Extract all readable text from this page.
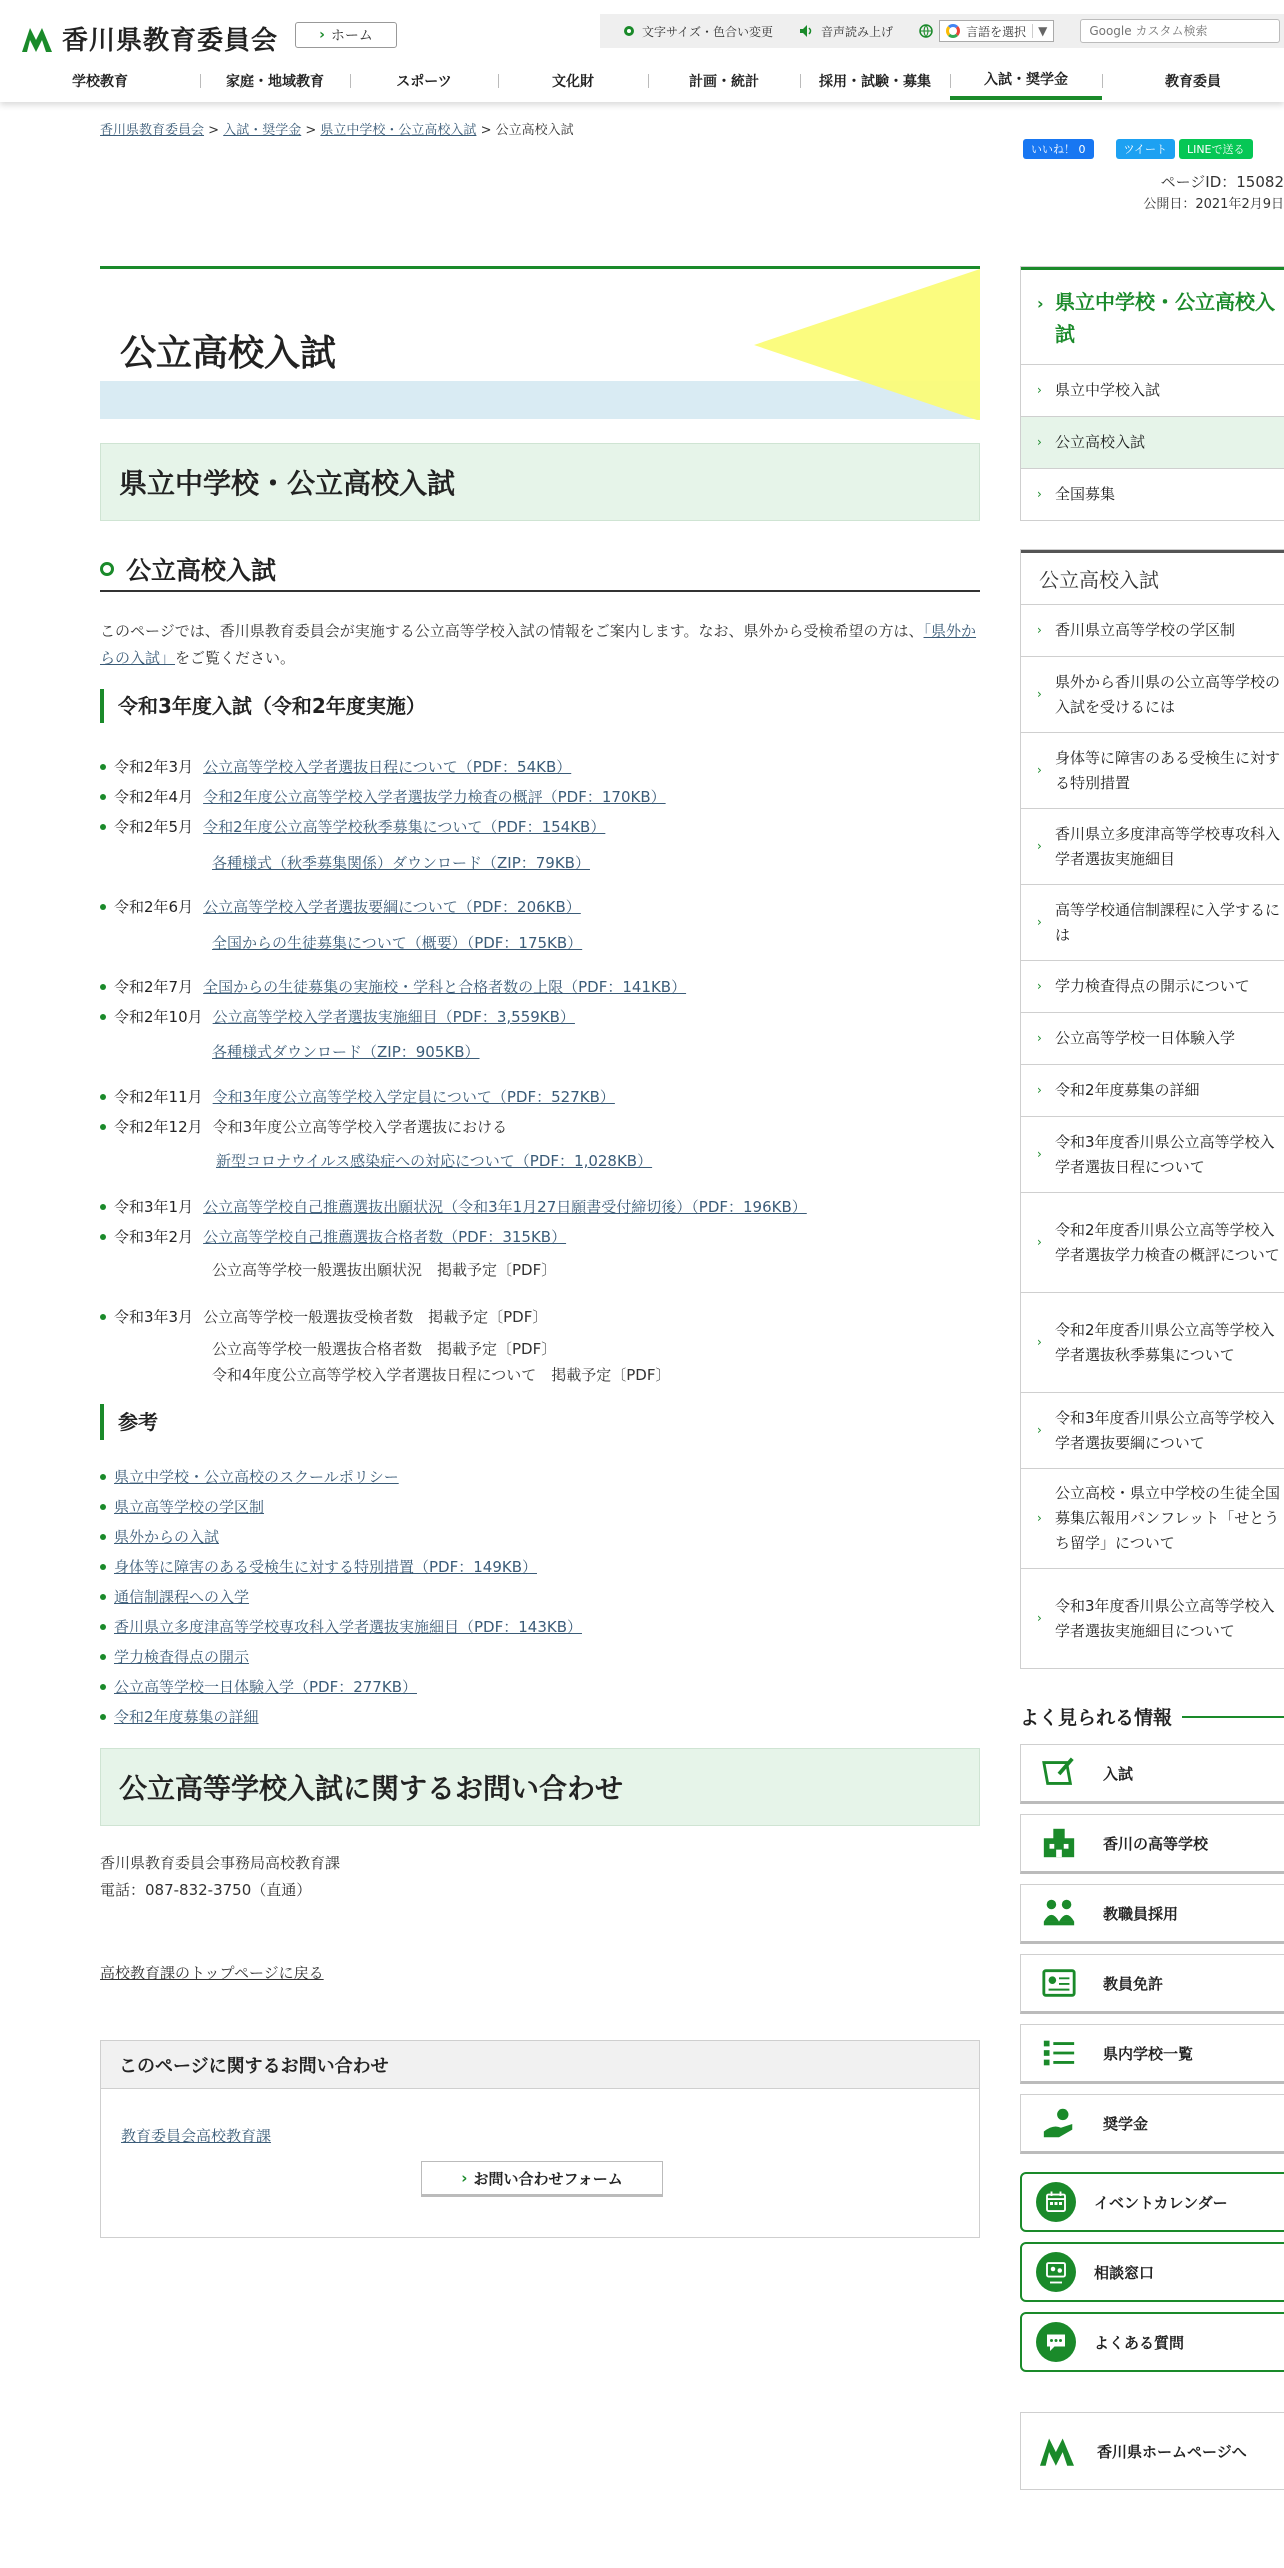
香川県教育委員会	› ホーム	文字サイズ・色合い変更	音声読み上げ	言語を選択	▼
Google カスタム検索
学校教育	家庭・地域教育	スポーツ	文化財	計画・統計	採用・試験・募集	入試・奨学金	教育委員
香川県教育委員会 > 入試・奨学金 > 県立中学校・公立高校入試 > 公立高校入試
いいね！ 0	ツイート LINEで送る
ページID：15082
公開日：2021年2月9日
公立高校入試
県立中学校・公立高校入試
公立高校入試
このページでは、香川県教育委員会が実施する公立高等学校入試の情報をご案内します。なお、県外から受検希望の方は、「県外からの入試」をご覧ください。
令和3年度入試（令和2年度実施）
令和2年3月 公立高等学校入学者選抜日程について（PDF：54KB）
令和2年4月 令和2年度公立高等学校入学者選抜学力検査の概評（PDF：170KB）
令和2年5月 令和2年度公立高等学校秋季募集について（PDF：154KB）
令和2年6月 公立高等学校入学者選抜要綱について（PDF：206KB）
令和2年7月 全国からの生徒募集の実施校・学科と合格者数の上限（PDF：141KB）
令和2年10月 公立高等学校入学者選抜実施細目（PDF：3,559KB）
令和2年11月 令和3年度公立高等学校入学定員について（PDF：527KB）
令和2年12月 令和3年度公立高等学校入学者選抜における
令和3年1月 公立高等学校自己推薦選抜出願状況（令和3年1月27日願書受付締切後）（PDF：196KB）
令和3年2月 公立高等学校自己推薦選抜合格者数（PDF：315KB）
令和3年3月 公立高等学校一般選抜受検者数　掲載予定〔PDF〕
各種様式（秋季募集関係）ダウンロード（ZIP：79KB）
全国からの生徒募集について（概要）（PDF：175KB）
各種様式ダウンロード（ZIP：905KB）
新型コロナウイルス感染症への対応について（PDF：1,028KB）
公立高等学校一般選抜出願状況　掲載予定〔PDF〕
公立高等学校一般選抜合格者数　掲載予定〔PDF〕
令和4年度公立高等学校入学者選抜日程について　掲載予定〔PDF〕
参考
県立中学校・公立高校のスクールポリシー
県立高等学校の学区制
県外からの入試
身体等に障害のある受検生に対する特別措置（PDF：149KB）
通信制課程への入学
香川県立多度津高等学校専攻科入学者選抜実施細目（PDF：143KB）
学力検査得点の開示
公立高等学校一日体験入学（PDF：277KB）
令和2年度募集の詳細
公立高等学校入試に関するお問い合わせ
香川県教育委員会事務局高校教育課
電話：087-832-3750（直通）
高校教育課のトップページに戻る
このページに関するお問い合わせ
教育委員会高校教育課
› お問い合わせフォーム
› 県立中学校・公立高校入試
› 県立中学校入試
› 公立高校入試
› 全国募集
公立高校入試
› 香川県立高等学校の学区制
›
県外から香川県の公立高等学校の入試を受けるには
›
身体等に障害のある受検生に対する特別措置
›
香川県立多度津高等学校専攻科入学者選抜実施細目
›
高等学校通信制課程に入学するには
› 学力検査得点の開示について
› 公立高等学校一日体験入学
› 令和2年度募集の詳細
›
令和3年度香川県公立高等学校入学者選抜日程について
›
令和2年度香川県公立高等学校入学者選抜学力検査の概評について
›
令和2年度香川県公立高等学校入学者選抜秋季募集について
›
令和3年度香川県公立高等学校入学者選抜要綱について
›
公立高校・県立中学校の生徒全国募集広報用パンフレット「せとうち留学」について
›
令和3年度香川県公立高等学校入学者選抜実施細目について
よく見られる情報
入試
香川の高等学校
教職員採用
教員免許
県内学校一覧
奨学金
イベントカレンダー
相談窓口
よくある質問
香川県ホームページへ
